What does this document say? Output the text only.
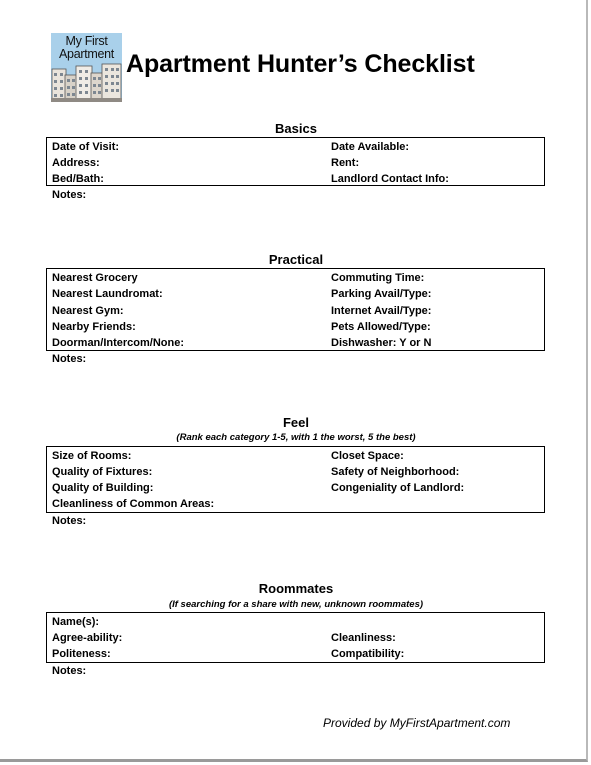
My First
Apartment Apartment Hunter’s Checklist
Basics
Date of Visit:	Date Available:
Address:	Rent:
Bed/Bath:	Landlord Contact Info:
Notes:
Practical
Nearest Grocery	Commuting Time:
Nearest Laundromat:	Parking Avail/Type:
Nearest Gym:	Internet Avail/Type:
Nearby Friends:	Pets Allowed/Type:
Doorman/Intercom/None:	Dishwasher: Y or N
Notes:
Feel
(Rank each category 1-5, with 1 the worst, 5 the best)
Size of Rooms:	Closet Space:
Quality of Fixtures:	Safety of Neighborhood:
Quality of Building:	Congeniality of Landlord:
Cleanliness of Common Areas:
Notes:
Roommates
(If searching for a share with new, unknown roommates)
Name(s):
Agree-ability:	Cleanliness:
Politeness:	Compatibility:
Notes:
Provided by MyFirstApartment.com
